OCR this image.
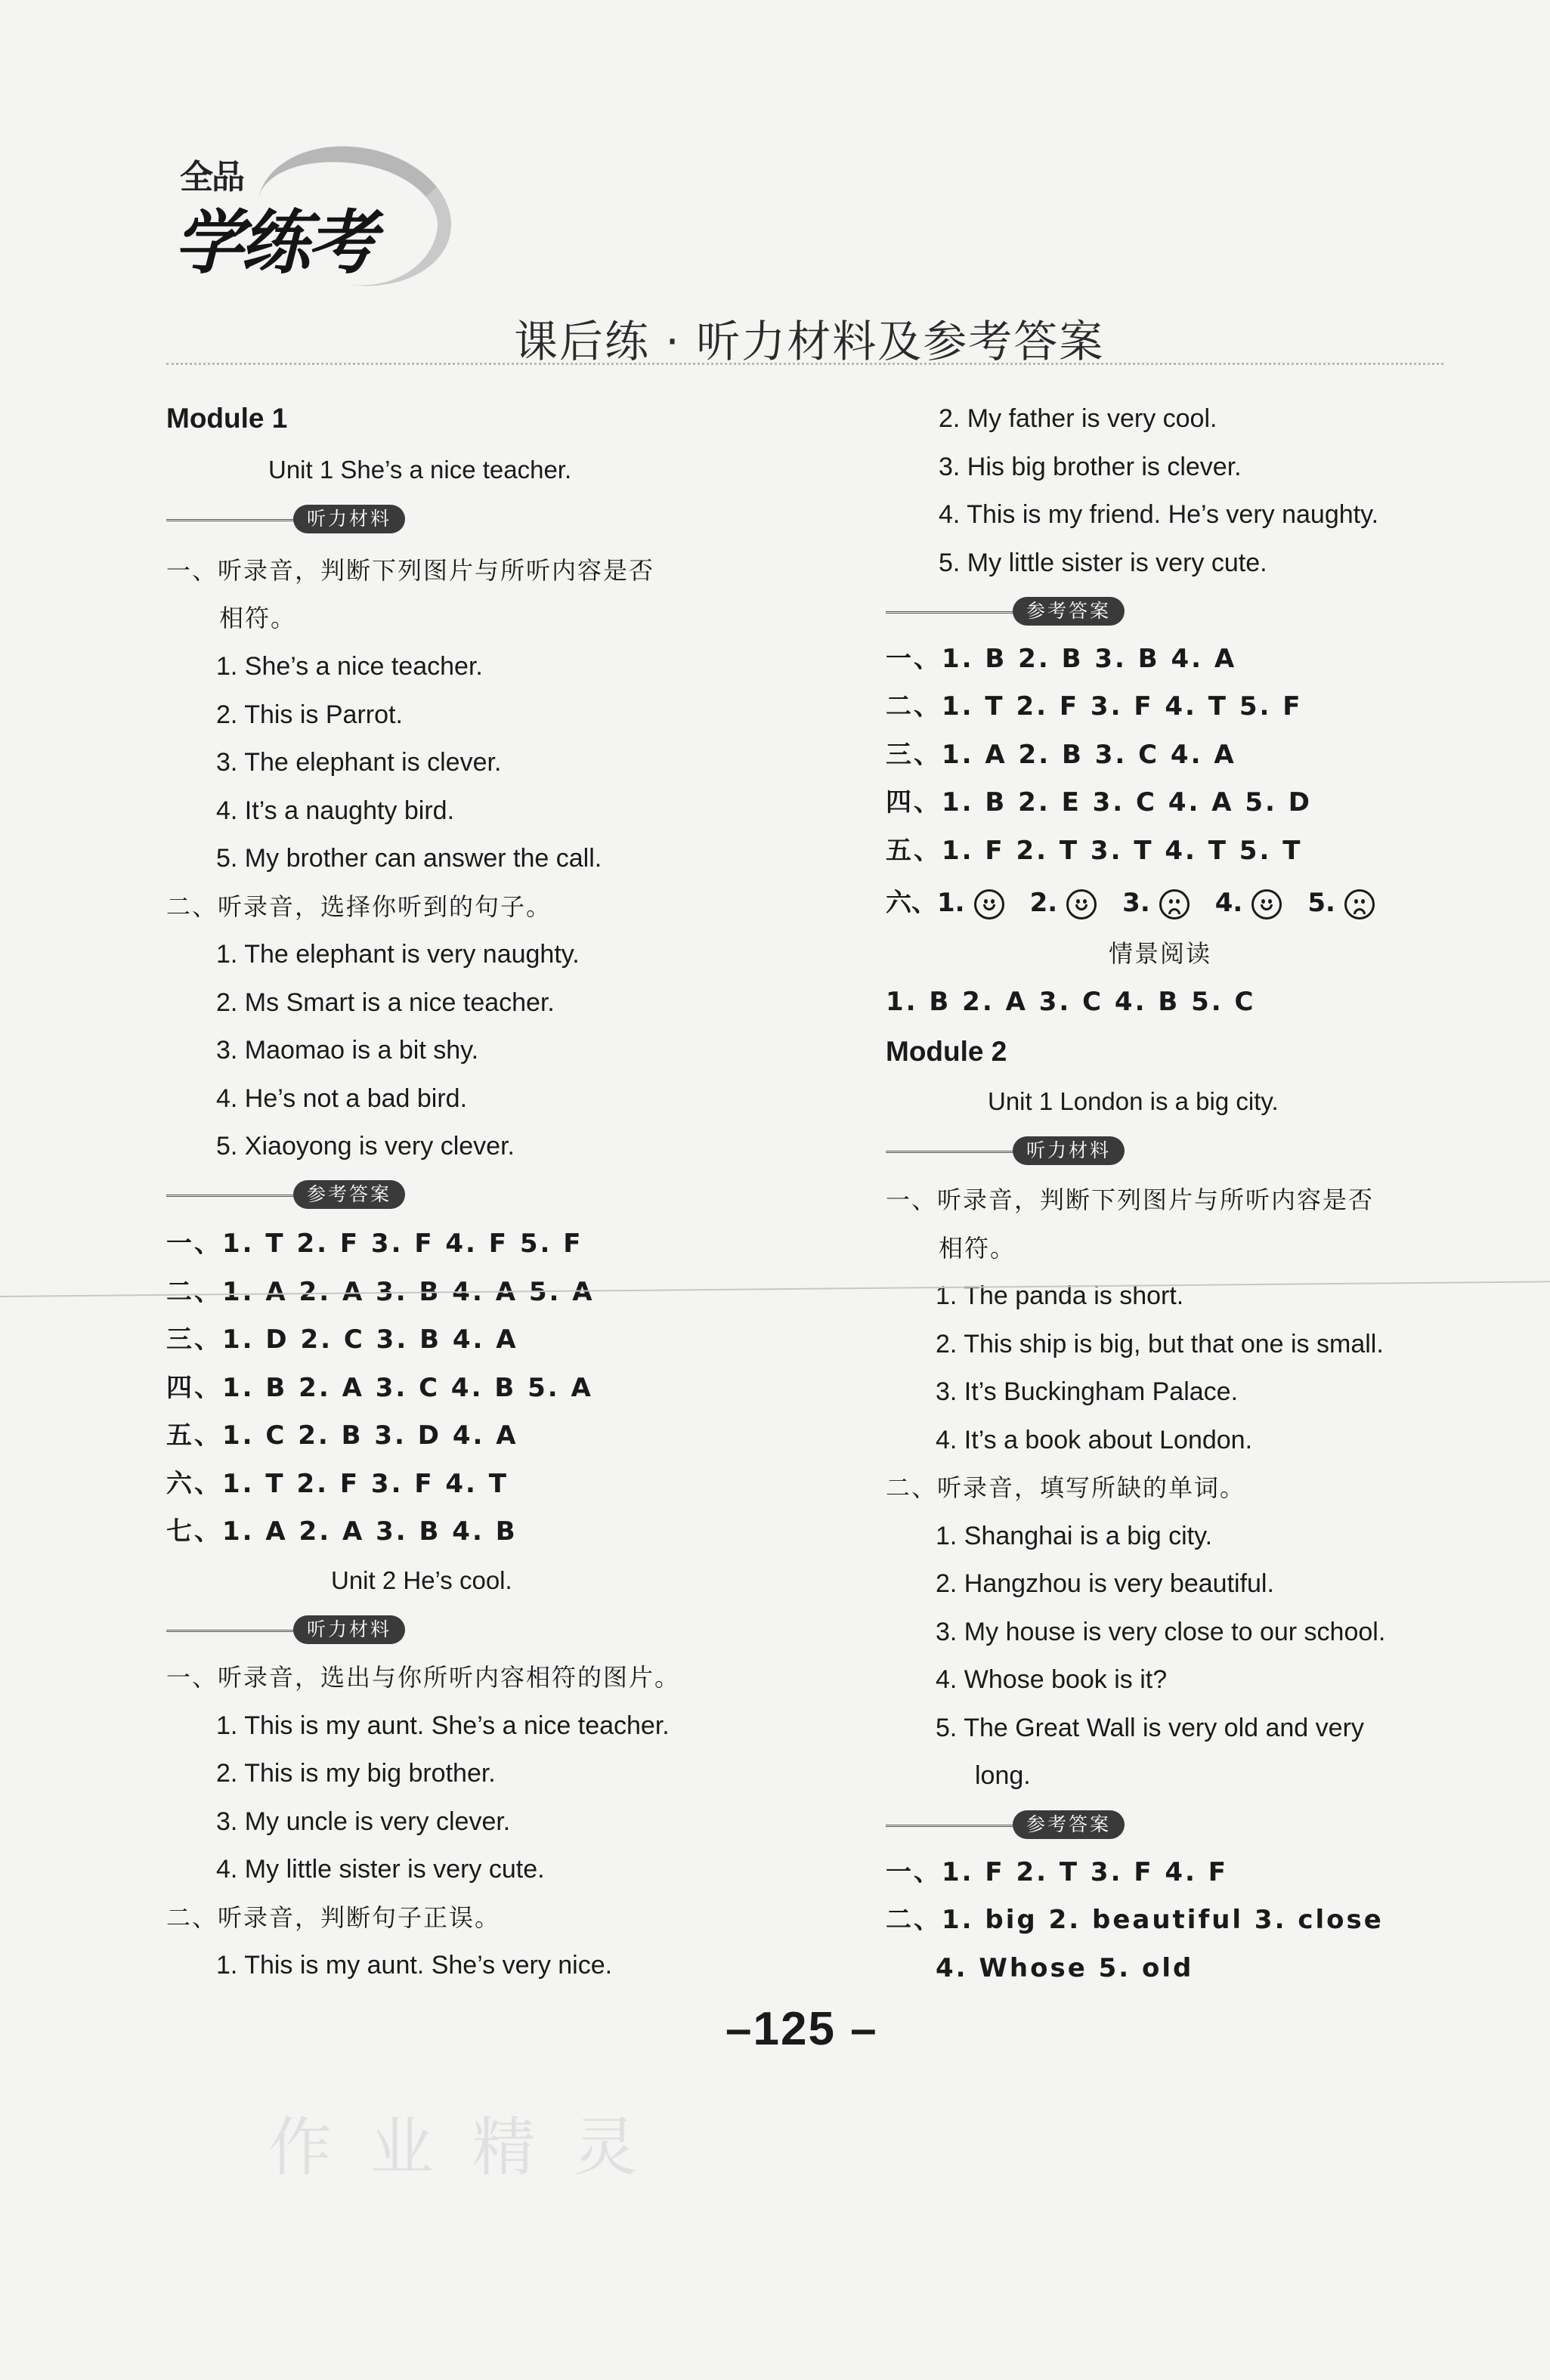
全品
学练考
课后练 · 听力材料及参考答案
Module 1
Unit 1 She’s a nice teacher.
听力材料
一、听录音，判断下列图片与所听内容是否
相符。
1. She’s a nice teacher.
2. This is Parrot.
3. The elephant is clever.
4. It’s a naughty bird.
5. My brother can answer the call.
二、听录音，选择你听到的句子。
1. The elephant is very naughty.
2. Ms Smart is a nice teacher.
3. Maomao is a bit shy.
4. He’s not a bad bird.
5. Xiaoyong is very clever.
参考答案
一、1. T 2. F 3. F 4. F 5. F
二、1. A 2. A 3. B 4. A 5. A
三、1. D 2. C 3. B 4. A
四、1. B 2. A 3. C 4. B 5. A
五、1. C 2. B 3. D 4. A
六、1. T 2. F 3. F 4. T
七、1. A 2. A 3. B 4. B
Unit 2 He’s cool.
听力材料
一、听录音，选出与你所听内容相符的图片。
1. This is my aunt. She’s a nice teacher.
2. This is my big brother.
3. My uncle is very clever.
4. My little sister is very cute.
二、听录音，判断句子正误。
1. This is my aunt. She’s very nice.
2. My father is very cool.
3. His big brother is clever.
4. This is my friend. He’s very naughty.
5. My little sister is very cute.
参考答案
一、1. B 2. B 3. B 4. A
二、1. T 2. F 3. F 4. T 5. F
三、1. A 2. B 3. C 4. A
四、1. B 2. E 3. C 4. A 5. D
五、1. F 2. T 3. T 4. T 5. T
六、1.	2.	3.	4.	5.
情景阅读
1. B 2. A 3. C 4. B 5. C
Module 2
Unit 1 London is a big city.
听力材料
一、听录音，判断下列图片与所听内容是否
相符。
1. The panda is short.
2. This ship is big, but that one is small.
3. It’s Buckingham Palace.
4. It’s a book about London.
二、听录音，填写所缺的单词。
1. Shanghai is a big city.
2. Hangzhou is very beautiful.
3. My house is very close to our school.
4. Whose book is it?
5. The Great Wall is very old and very
long.
参考答案
一、1. F 2. T 3. F 4. F
二、1. big 2. beautiful 3. close
4. Whose 5. old
–125 –
作 业 精 灵
